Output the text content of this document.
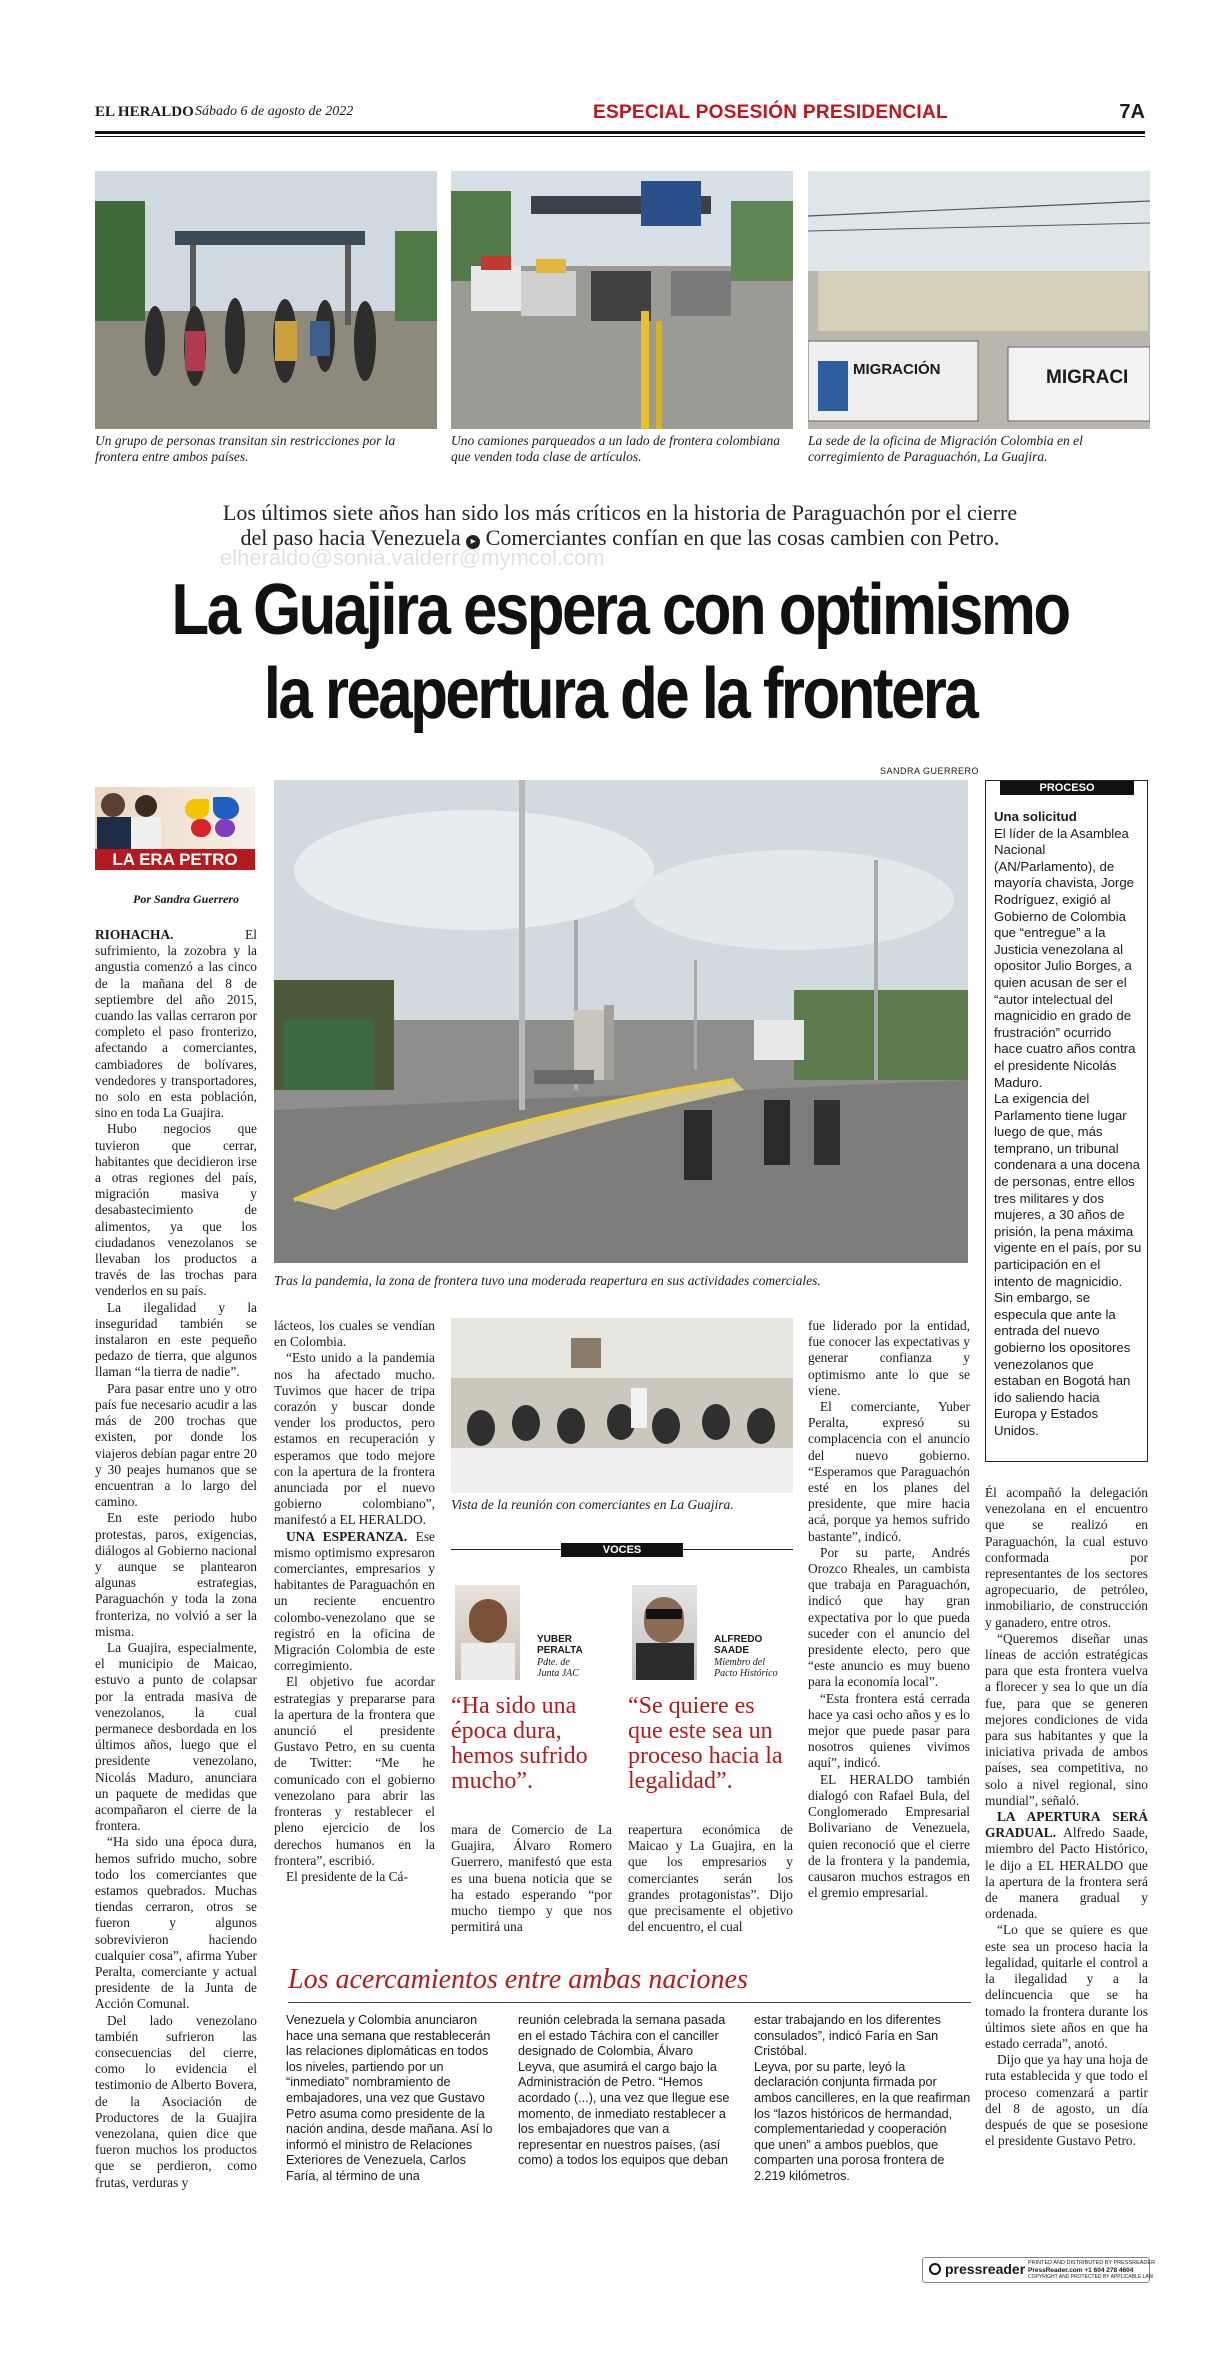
EL HERALDO Sábado 6 de agosto de 2022	ESPECIAL POSESIÓN PRESIDENCIAL	7A
MIGRACIÓN	MIGRACI
Un grupo de personas transitan sin restricciones por la frontera entre ambos países.
Uno camiones parqueados a un lado de frontera colombiana que venden toda clase de artículos.
La sede de la oficina de Migración Colombia en el corregimiento de Paraguachón, La Guajira.
Los últimos siete años han sido los más críticos en la historia de Paraguachón por el cierre
del paso hacia Venezuela ▸ Comerciantes confían en que las cosas cambien con Petro.
elheraldo@sonia.valderr@mymcol.com
La Guajira espera con optimismo
la reapertura de la frontera
LA ERA PETRO
Por Sandra Guerrero
SANDRA GUERRERO
Tras la pandemia, la zona de frontera tuvo una moderada reapertura en sus actividades comerciales.

RIOHACHA. El sufrimiento, la zozobra y la angustia comenzó a las cinco de la mañana del 8 de septiembre del año 2015, cuando las vallas cerraron por completo el paso fronterizo, afectando a comerciantes, cambiadores de bolívares, vendedores y transportadores, no solo en esta población, sino en toda La Guajira.

Hubo negocios que tuvieron que cerrar, habitantes que decidieron irse a otras regiones del país, migración masiva y desabastecimiento de alimentos, ya que los ciudadanos venezolanos se llevaban los productos a través de las trochas para venderlos en su país.

La ilegalidad y la inseguridad también se instalaron en este pequeño pedazo de tierra, que algunos llaman “la tierra de nadie”.

Para pasar entre uno y otro país fue necesario acudir a las más de 200 trochas que existen, por donde los viajeros debían pagar entre 20 y 30 peajes humanos que se encuentran a lo largo del camino.

En este periodo hubo protestas, paros, exigencias, diálogos al Gobierno nacional y aunque se plantearon algunas estrategias, Paraguachón y toda la zona fronteriza, no volvió a ser la misma.

La Guajira, especialmente, el municipio de Maicao, estuvo a punto de colapsar por la entrada masiva de venezolanos, la cual permanece desbordada en los últimos años, luego que el presidente venezolano, Nicolás Maduro, anunciara un paquete de medidas que acompañaron el cierre de la frontera.

“Ha sido una época dura, hemos sufrido mucho, sobre todo los comerciantes que estamos quebrados. Muchas tiendas cerraron, otros se fueron y algunos sobrevivieron haciendo cualquier cosa”, afirma Yuber Peralta, comerciante y actual presidente de la Junta de Acción Comunal.

Del lado venezolano también sufrieron las consecuencias del cierre, como lo evidencia el testimonio de Alberto Bovera, de la Asociación de Productores de la Guajira venezolana, quien dice que fueron muchos los productos que se perdieron, como frutas, verduras y

lácteos, los cuales se vendían en Colombia.

“Esto unido a la pandemia nos ha afectado mucho. Tuvimos que hacer de tripa corazón y buscar donde vender los productos, pero estamos en recuperación y esperamos que todo mejore con la apertura de la frontera anunciada por el nuevo gobierno colombiano”, manifestó a EL HERALDO.

UNA ESPERANZA. Ese mismo optimismo expresaron comerciantes, empresarios y habitantes de Paraguachón en un reciente encuentro colombo-venezolano que se registró en la oficina de Migración Colombia de este corregimiento.

El objetivo fue acordar estrategias y prepararse para la apertura de la frontera que anunció el presidente Gustavo Petro, en su cuenta de Twitter: “Me he comunicado con el gobierno venezolano para abrir las fronteras y restablecer el pleno ejercicio de los derechos humanos en la frontera”, escribió.

El presidente de la Cá-

Vista de la reunión con comerciantes en La Guajira.
VOCES
YUBER
PERALTA
Pdte. de Junta JAC
“Ha sido una época dura, hemos sufrido mucho”.
ALFREDO
SAADE
Miembro del Pacto Histórico
“Se quiere es que este sea un proceso hacia la legalidad”.

mara de Comercio de La Guajira, Álvaro Romero Guerrero, manifestó que esta es una buena noticia que se ha estado esperando “por mucho tiempo y que nos permitirá una

reapertura económica de Maicao y La Guajira, en la que los empresarios y comerciantes serán los grandes protagonistas”. Dijo que precisamente el objetivo del encuentro, el cual

fue liderado por la entidad, fue conocer las expectativas y generar confianza y optimismo ante lo que se viene.

El comerciante, Yuber Peralta, expresó su complacencia con el anuncio del nuevo gobierno. “Esperamos que Paraguachón esté en los planes del presidente, que mire hacia acá, porque ya hemos sufrido bastante”, indicó.

Por su parte, Andrés Orozco Rheales, un cambista que trabaja en Paraguachón, indicó que hay gran expectativa por lo que pueda suceder con el anuncio del presidente electo, pero que “este anuncio es muy bueno para la economía local”.

“Esta frontera está cerrada hace ya casi ocho años y es lo mejor que puede pasar para nosotros quienes vivimos aquí”, indicó.

EL HERALDO también dialogó con Rafael Bula, del Conglomerado Empresarial Bolivariano de Venezuela, quien reconoció que el cierre de la frontera y la pandemia, causaron muchos estragos en el gremio empresarial.

PROCESO

Una solicitud

El líder de la Asamblea Nacional (AN/Parlamento), de mayoría chavista, Jorge Rodríguez, exigió al Gobierno de Colombia que “entregue” a la Justicia venezolana al opositor Julio Borges, a quien acusan de ser el “autor intelectual del magnicidio en grado de frustración” ocurrido hace cuatro años contra el presidente Nicolás Maduro.

La exigencia del Parlamento tiene lugar luego de que, más temprano, un tribunal condenara a una docena de personas, entre ellos tres militares y dos mujeres, a 30 años de prisión, la pena máxima vigente en el país, por su participación en el intento de magnicidio.

Sin embargo, se especula que ante la entrada del nuevo gobierno los opositores venezolanos que estaban en Bogotá han ido saliendo hacia Europa y Estados Unidos.

Él acompañó la delegación venezolana en el encuentro que se realizó en Paraguachón, la cual estuvo conformada por representantes de los sectores agropecuario, de petróleo, inmobiliario, de construcción y ganadero, entre otros.

“Queremos diseñar unas líneas de acción estratégicas para que esta frontera vuelva a florecer y sea lo que un día fue, para que se generen mejores condiciones de vida para sus habitantes y que la iniciativa privada de ambos países, sea competitiva, no solo a nivel regional, sino mundial”, señaló.

LA APERTURA SERÁ GRADUAL. Alfredo Saade, miembro del Pacto Histórico, le dijo a EL HERALDO que la apertura de la frontera será de manera gradual y ordenada.

“Lo que se quiere es que este sea un proceso hacia la legalidad, quitarle el control a la ilegalidad y a la delincuencia que se ha tomado la frontera durante los últimos siete años en que ha estado cerrada”, anotó.

Dijo que ya hay una hoja de ruta establecida y que todo el proceso comenzará a partir del 8 de agosto, un día después de que se posesione el presidente Gustavo Petro.

Los acercamientos entre ambas naciones

Venezuela y Colombia anunciaron hace una semana que restablecerán las relaciones diplomáticas en todos los niveles, partiendo por un “inmediato” nombramiento de embajadores, una vez que Gustavo Petro asuma como presidente de la nación andina, desde mañana. Así lo informó el ministro de Relaciones Exteriores de Venezuela, Carlos Faría, al término de una

reunión celebrada la semana pasada en el estado Táchira con el canciller designado de Colombia, Álvaro Leyva, que asumirá el cargo bajo la Administración de Petro. “Hemos acordado (...), una vez que llegue ese momento, de inmediato restablecer a los embajadores que van a representar en nuestros países, (así como) a todos los equipos que deban

estar trabajando en los diferentes consulados”, indicó Faría en San Cristóbal.

Leyva, por su parte, leyó la declaración conjunta firmada por ambos cancilleres, en la que reafirman los “lazos históricos de hermandad, complementariedad y cooperación que unen” a ambos pueblos, que comparten una porosa frontera de 2.219 kilómetros.

pressreader PRINTED AND DISTRIBUTED BY PRESSREADER
PressReader.com +1 604 278 4604
COPYRIGHT AND PROTECTED BY APPLICABLE LAW
